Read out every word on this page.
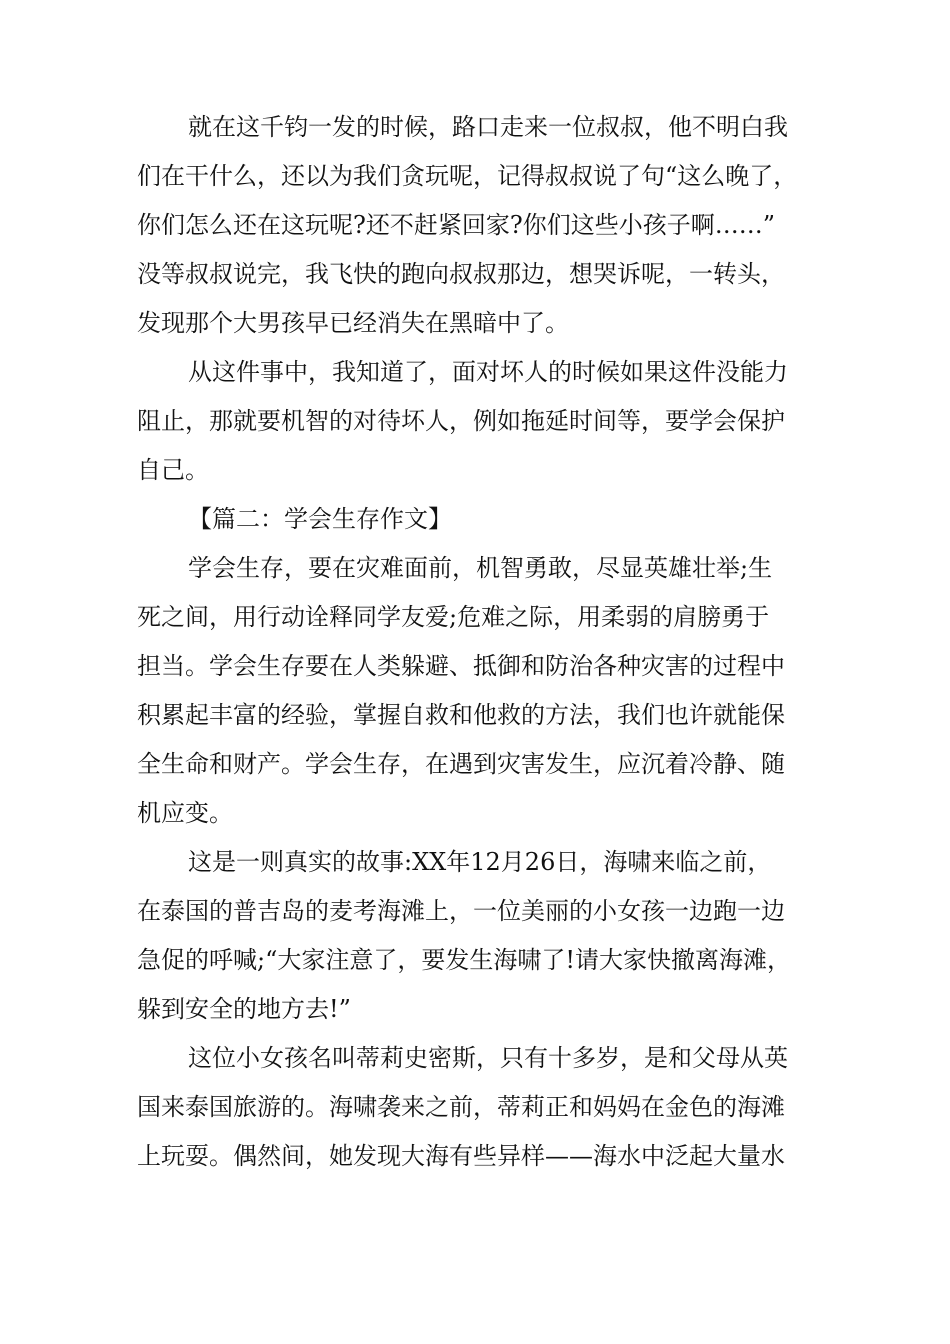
就在这千钧一发的时候，路口走来一位叔叔，他不明白我
们在干什么，还以为我们贪玩呢，记得叔叔说了句“这么晚了，
你们怎么还在这玩呢?还不赶紧回家?你们这些小孩子啊……”
没等叔叔说完，我飞快的跑向叔叔那边，想哭诉呢，一转头，
发现那个大男孩早已经消失在黑暗中了。
从这件事中，我知道了，面对坏人的时候如果这件没能力
阻止，那就要机智的对待坏人，例如拖延时间等，要学会保护
自己。
【篇二：学会生存作文】
学会生存，要在灾难面前，机智勇敢，尽显英雄壮举;生
死之间，用行动诠释同学友爱;危难之际，用柔弱的肩膀勇于
担当。学会生存要在人类躲避、抵御和防治各种灾害的过程中
积累起丰富的经验，掌握自救和他救的方法，我们也许就能保
全生命和财产。学会生存，在遇到灾害发生，应沉着冷静、随
机应变。
这是一则真实的故事:XX年12月26日，海啸来临之前，
在泰国的普吉岛的麦考海滩上，一位美丽的小女孩一边跑一边
急促的呼喊;“大家注意了，要发生海啸了!请大家快撤离海滩，
躲到安全的地方去!”
这位小女孩名叫蒂莉史密斯，只有十多岁，是和父母从英
国来泰国旅游的。海啸袭来之前，蒂莉正和妈妈在金色的海滩
上玩耍。偶然间，她发现大海有些异样——海水中泛起大量水
